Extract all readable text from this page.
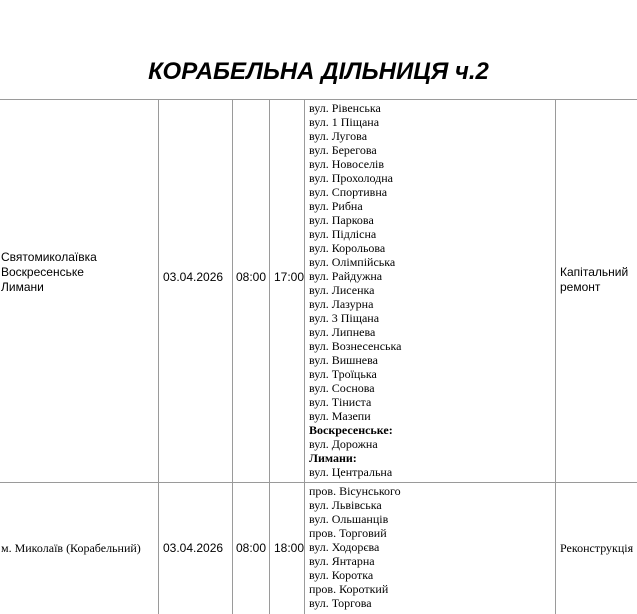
КОРАБЕЛЬНА ДІЛЬНИЦЯ ч.2
Святомиколаївка
Воскресенське
Лимани
03.04.2026 08:00 17:00
вул. Рівенська
вул. 1 Піщана
вул. Лугова
вул. Берегова
вул. Новоселів
вул. Прохолодна
вул. Спортивна
вул. Рибна
вул. Паркова
вул. Підлісна
вул. Корольова
вул. Олімпійська
вул. Райдужна
вул. Лисенка
вул. Лазурна
вул. 3 Піщана
вул. Липнева
вул. Вознесенська
вул. Вишнева
вул. Троїцька
вул. Соснова
вул. Тіниста
вул. Мазепи
Воскресенське:
вул. Дорожна
Лимани:
вул. Центральна
Капітальний
ремонт
м. Миколаїв (Корабельний) 03.04.2026 08:00 18:00
пров. Вісунського
вул. Львівська
вул. Ольшанців
пров. Торговий
вул. Ходорєва
вул. Янтарна
вул. Коротка
пров. Короткий
вул. Торгова
Реконструкція
